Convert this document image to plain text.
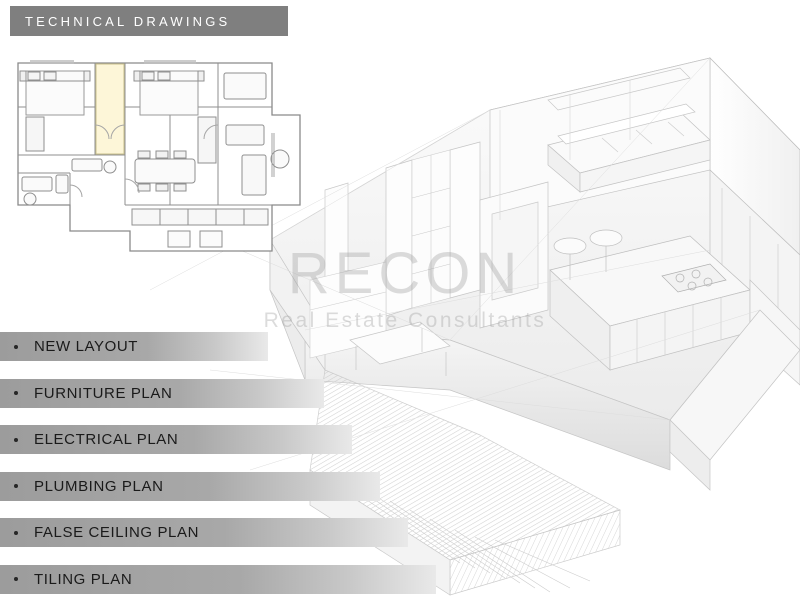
RECON
Real Estate Consultants
TECHNICAL DRAWINGS
NEW LAYOUT
FURNITURE PLAN
ELECTRICAL PLAN
PLUMBING PLAN
FALSE CEILING PLAN
TILING PLAN
